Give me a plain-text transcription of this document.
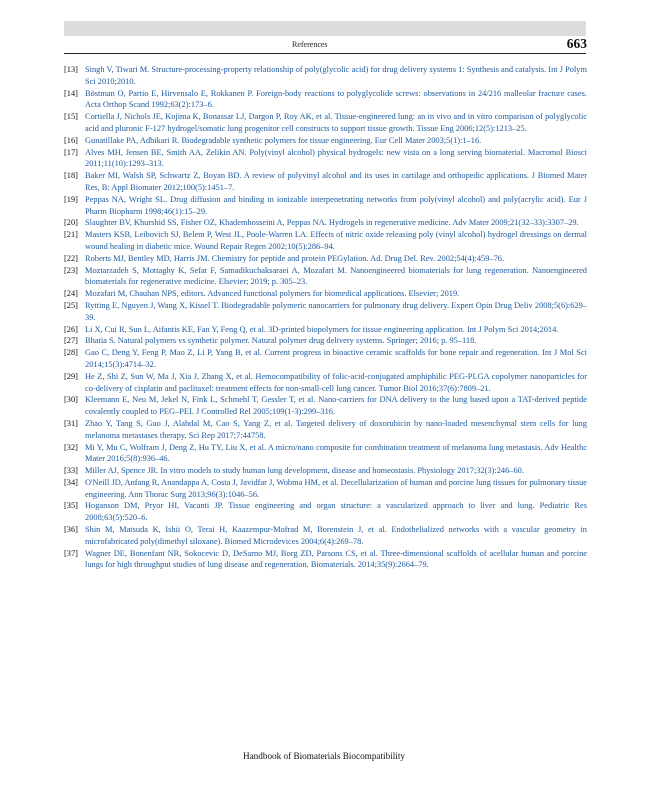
References	663
[13] Singh V, Tiwari M. Structure-processing-property relationship of poly(glycolic acid) for drug delivery systems 1: Synthesis and catalysis. Int J Polym Sci 2010;2010.
[14] Böstman O, Partio E, Hirvensalo E, Rokkanen P. Foreign-body reactions to polyglycolide screws: observations in 24/216 malleolar fracture cases. Acta Orthop Scand 1992;63(2):173–6.
[15] Cortiella J, Nichols JE, Kojima K, Bonassar LJ, Dargon P, Roy AK, et al. Tissue-engineered lung: an in vivo and in vitro comparison of polyglycolic acid and pluronic F-127 hydrogel/somatic lung progenitor cell constructs to support tissue growth. Tissue Eng 2006;12(5):1213–25.
[16] Gunatillake PA, Adhikari R. Biodegradable synthetic polymers for tissue engineering. Eur Cell Mater 2003;5(1):1–16.
[17] Alves MH, Jensen BE, Smith AA, Zelikin AN. Poly(vinyl alcohol) physical hydrogels: new vista on a long serving biomaterial. Macromol Biosci 2011;11(10):1293–313.
[18] Baker MI, Walsh SP, Schwartz Z, Boyan BD. A review of polyvinyl alcohol and its uses in cartilage and orthopedic applications. J Biomed Mater Res, B: Appl Biomater 2012;100(5):1451–7.
[19] Peppas NA, Wright SL. Drug diffusion and binding in ionizable interpenetrating networks from poly(vinyl alcohol) and poly(acrylic acid). Eur J Pharm Biopharm 1998;46(1):15–29.
[20] Slaughter BV, Khurshid SS, Fisher OZ, Khademhosseini A, Peppas NA. Hydrogels in regenerative medicine. Adv Mater 2009;21(32–33):3307–29.
[21] Masters KSB, Leibovich SJ, Belem P, West JL, Poole-Warren LA. Effects of nitric oxide releasing poly (vinyl alcohol) hydrogel dressings on dermal wound healing in diabetic mice. Wound Repair Regen 2002;10(5):286–94.
[22] Roberts MJ, Bentley MD, Harris JM. Chemistry for peptide and protein PEGylation. Ad. Drug Del. Rev. 2002;54(4):459–76.
[23] Moztarzadeh S, Mottaghy K, Sefat F, Samadikuchaksaraei A, Mozafari M. Nanoengineered biomaterials for lung regeneration. Nanoengineered biomaterials for regenerative medicine. Elsevier; 2019; p. 305–23.
[24] Mozafari M, Chauhan NPS, editors. Advanced functional polymers for biomedical applications. Elsevier; 2019.
[25] Rytting E, Nguyen J, Wang X, Kissel T. Biodegradable polymeric nanocarriers for pulmonary drug delivery. Expert Opin Drug Deliv 2008;5(6):629–39.
[26] Li X, Cui R, Sun L, Aifantis KE, Fan Y, Feng Q, et al. 3D-printed biopolymers for tissue engineering application. Int J Polym Sci 2014;2014.
[27] Bhatia S. Natural polymers vs synthetic polymer. Natural polymer drug delivery systems. Springer; 2016; p. 95–118.
[28] Gao C, Deng Y, Feng P, Mao Z, Li P, Yang B, et al. Current progress in bioactive ceramic scaffolds for bone repair and regeneration. Int J Mol Sci 2014;15(3):4714–32.
[29] He Z, Shi Z, Sun W, Ma J, Xia J, Zhang X, et al. Hemocompatibility of folic-acid-conjugated amphiphilic PEG-PLGA copolymer nanoparticles for co-delivery of cisplatin and paclitaxel: treatment effects for non-small-cell lung cancer. Tumor Biol 2016;37(6):7809–21.
[30] Kleemann E, Neu M, Jekel N, Fink L, Schmehl T, Gessler T, et al. Nano-carriers for DNA delivery to the lung based upon a TAT-derived peptide covalently coupled to PEG–PEI. J Controlled Rel 2005;109(1-3):299–316.
[31] Zhao Y, Tang S, Guo J, Alahdal M, Cao S, Yang Z, et al. Targeted delivery of doxorubicin by nano-loaded mesenchymal stem cells for lung melanoma metastases therapy. Sci Rep 2017;7:44758.
[32] Mi Y, Mu C, Wolfram J, Deng Z, Hu TY, Liu X, et al. A micro/nano composite for combination treatment of melanoma lung metastasis. Adv Healthc Mater 2016;5(8):936–46.
[33] Miller AJ, Spence JR. In vitro models to study human lung development, disease and homeostasis. Physiology 2017;32(3):246–60.
[34] O'Neill JD, Anfang R, Anandappa A, Costa J, Javidfar J, Wobma HM, et al. Decellularization of human and porcine lung tissues for pulmonary tissue engineering. Ann Thorac Surg 2013;96(3):1046–56.
[35] Hoganson DM, Pryor HI, Vacanti JP. Tissue engineering and organ structure: a vascularized approach to liver and lung. Pediatric Res 2008;63(5):520–6.
[36] Shin M, Matsuda K, Ishii O, Terai H, Kaazempur-Mofrad M, Borenstein J, et al. Endothelialized networks with a vascular geometry in microfabricated poly(dimethyl siloxane). Biomed Microdevices 2004;6(4):269–78.
[37] Wagner DE, Bonenfant NR, Sokocevic D, DeSarno MJ, Borg ZD, Parsons CS, et al. Three-dimensional scaffolds of acellular human and porcine lungs for high throughput studies of lung disease and regeneration. Biomaterials. 2014;35(9):2664–79.
Handbook of Biomaterials Biocompatibility
